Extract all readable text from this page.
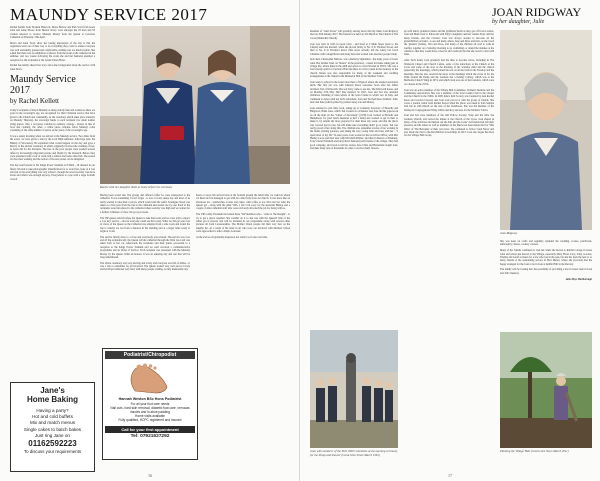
MAUNDY SERVICE 2017

Rachel Kellett from Norman Hancock, Moira Barlow and Pam Scott from Great Glen and Anne Moore from Burton Overy were amongst the 93 men and 93 women selected to receive Maundy Money from the Queen at Leicester Cathedral on Thursday 13th April.

Moira and Glen Town show her lasting impression of the day is that the organizers went out of their way to do everything they could to ensure everyone was well and kindly greeted and comfortable, nothing was too much trouble. She added that there was an exhibition of photos from the event at the cathedral in the summer, and two weeks following the event she and her husband attended a reception for the recipients at the Grand Union Hotel.

Rachel has kindly shared her story and some background about the service with Glen News:

Maundy Service 2017
by Rachel Kellett

Today's recipients of Royal Maundy as many elderly men and women as there are years in the sovereign's age, are recognised for their Christian service that have given to the Church and community. At the ceremony which takes place annually on Maundy Thursday, the sovereign hands to each recipient two small leather string purses. One, a red purse contains in ordinary coinage - money in lieu of food and clothing; the other, a white purse contains silver Maundy coins consisting of the same number of pence as the years of the sovereign's age.

It was a sunny morning when we arrived at the Maundy service. Two miles from the event, we were given a ride by the Lord High Almoner. John Inge (also the Bishop of Worcester). He explained what would happen on the day and gave a history of the ancient ceremony in which originally involved the washing of feet, as Jesus did for the disciples. The feet of the poor people were washed several times by increasingly important people and finally by the monarch. Before they were presented with a loaf of cloth, half a salmon and some other fish. The reason for the ritual washing and the notion of flowers posies can be imagined.

The day itself started at the Kings Power Stadium at 8.30am - all dressed in our finery. We had to take photographic identification for to avoid fast, none of it was allowed on but everything was very relaxed - though the actual security was more about and others was enough anyway. Everywhere to cope with a large football crowd!

Rachel with her daughter Ruth at home before the ceremony

Having been sorted into five groups and offered coffee we were transported to the cathedral. It was something I won't forget - it was a lovely sunny day and most of us really wanted to take their coats in, which would ruin the outfit. Southgate Street was taken as a first pass from the bus to the cathedral and seated one by one. Each of the recipients were introduced to the cathedral where security was high and we waited for a further 3 minutes of clear. We got good seats.

The VIP guests arrived before the Queen to take their seats and we were told to expect a 'low key' service - and we everyone could see that today. What we did get were lots of views of the Queen as the Cathedral was emptied from a side room and found the trip to usually are not from a distance in the building and at a larger table ready to begin at 11am.

The service finally drew to a close and everybody was relaxed. The service was over and all the recipients left; the Queen left the cathedral through the West door and was taken back to her car. Afterwards the recipients and their guests proceeded to a reception at the Kings Power Stadium and we each received a commemorative programme and an Order of Service. Each recipient was presented with the Maundy Money by the Queen. What an honour. It was an amazing day and one that will be long remembered.

The whole ceremony was very moving and lovely and everyone was full of smiles - it was a day to remember for all involved. The Queen looked very well and so lovely and her Royal Almoner very busy with many people waiting. A truly memorable day.

hours or away. We arrived back at the football ground the lunch time we could sit where we liked and we managed to get with two other lady from our church. It was more like an afternoon tea - sandwiches, scones and cakes, with coffee or tea. Nice but not what the Queen got - along with the other VIPs. I felt a bit sorry for the Assistant Bishop and a couple of other cathedral staff who were obviously allocated the job for being with us.

The VIP county President had asked those 'VIP members who...' came to 'the thought' - to try to get a photo together. She couldn't do it so she was with the Queen!! One of the ladies got it anyway and will be included in our programme along with several other pictures all from Leicestershire. The Mother Union people did their very best on the lengthy list. As a result of the letter in all who wore our involved with Mothers' Union were approached to talk to Radio Leicester.

At the end we all gradually dispersed, not really too in one ever time.

Jane's
Home Baking
Having a party?
Hot and cold buffets
Mix and match menus
Single cakes to batch bakes
Just ring Jane on
01162592223
To discuss your requirements
Podiatrist/Chiropodist
Hannah Weston BSc Hons Podiatrist
For all your foot care needs
Nail cuts, hard skin removal, diabetic foot care, verrucas
insoles and in-shoe padding
Home visits available
Fully qualified, HCPC registered and insured
Call for your first appointment
Tel: 07921527292
16
JOAN RIDGWAY
by her daughter, Julie

Resident of "Glen Stores" will probably already know that my mum, Joan Ridgway died on 10th January 2017. Her funeral was held on 3rd March at The Church at The Cross (Methodist Church).

Joan was born in 1925 in Great Glen - and lived at 4 Main Street (next to the Chapel) until she married, when she moved firstly to No. 8 St Thomas's Road, and then to No. 6 St Thomas's Road. (She never actually left the Glen), but loved Christine with a magnificent and many men and women who used her people's help.

Jack died, Christopher Mellors, was a Railway Signalman - the many years of Great Glen. Her mother Janet on "Renee" in the preferred - coined in homes taking part in village life, where links in the ARP and acted as a first Warden in WW2. She was a born charity spirit for Carlton's Hall and there is a first cousin in her memory in the church. Renee was also responsible for many of the weekend and wedding arrangements at the chapel in the Memorial Hall of the Mothers' Union.

Joan went to school in the Great Glen then to Wigston where she learned secretarial skills. Her first job was with Johnson Road, Leicester. Soon after her father declined, Ted of Kibworth. Our son Terry came to see me, The Kibworth house, and on Monday 27th May 1947 they married. In 1947, Joan and Ted also attended Wellmore Wedding at Glen where of the Glen Clarke in which two in both, and continued to dance until ten Ted's retirement. Joan and Ted had three children: John, Jane and Julie (which joined by partner Jane), Jan and Diane).

Joan returned to part time work, taking up at Company Secretary of Horsells and Hinglows, Bank Lane, which Ted worked as a Plasterer and Joan did his paperwork on all the mail. In the "winter of discontent" (1978) Joan worked at Horsells and Humphreys for (and Joan's husband at half a mile) and worked to get in then to make it, by returns the more prepared for their three day week, and that the photo was covered just in case, but still make sure everything didn't go to waste. Ted was really proud of her doing this. The children also remember stories of her working in the fields, picking potatoes, and taking the very young John and Jane with her - "I spent most of my life" In later years, Joan worked at the local Post Office, with Mrs Hedley Lucas and then later with Mrs Ruth Palmer, and then in Reeves of Dunburg. Tony's sister Elizabeth and Ian (Chris's husband) and friends of the village. They had good company, and loved to tell her stories. Also Chris and Bernadette taught Joan, and their many tens of thousands in order to receive many flowers.

Joan with members of the Post 1600 Committee at the opening ceremony for the Pump and Shower (Great Glen Street March 1981)

up with lunch, grandson James and his girlfriend Sarah as they get off from London. Joan and Mum went to Kibworth with Sally's daughters and her 'Auntie Pops' and her many friends, and the Cloister; Joan was always around to decorate all the grandchildren on hand - to see and many others. Jane and Dave and later, as she loved the 'ganders' (Jamie), Vera and Ross, and many of the children all read to walk in Gurfley together on a Saturday morning to go swimming, or attend the matinee at the cinema so that they would have a meal at and could tell me that she loved to visit with Julie.

After Ted's death, Joan gradually had the time to become active, including in The Wesleyan Chapel and Church Centre, some of the attractions at the Church at the Cross and some of the stop as the morning of his wartime child and the church (especially the meetings), which joined the rest on all the trials in the Tuesday and the meetings. She has also received the more at the meetings which she wrote in for the Walk around the Pump and the Gardens but a holiday Library, which was at the Methodist Church Wing in 1974, and which Joan was one of the founders, which were on a house in the 1970s.

Joan was an active member of the Village Hall Committee, Women's Institute and the Community Association. She was a member of the local Ladies Club in the Chapel and the Church in the 1960s. In 2000 Julie's Knit Society was founded by Ann Rachel Keon and Gordon Crawley and Joan took part in it with the group of friends. She wrote a journal called from Rachel Kewel when the photo was taken at Sam Sample Jam Inn in 10th March on the side of her farmhouse. She was the member of the Wesleyan Congregational Wing, Jillian and Roy and also for the Mothers' Union.

Joan and Ted were members of the Old Fellow Society, Soup and the little Tea Gardens Church, and served the dinner at the Church of the Cross. Joan shared in many of the activities and helped out the hall and the Joans' old friends had left their presence and the letters as well as members of the Sherwood Association that for 'This Olive' of 'The Bertrams' of their own lives. We continued to follow 'Glen News' and also made the visit to the Red Ribbon in Gurdings in 2013. Joan also began the diary for the Village Hall Group.

Joan Ridgway

She was keen on crafts and regularly attended the wedding, scones, patchwork, embroidery classes, cookery courses.

Many of her friends continued to visit her when she moved to Rabbit Cottage in Great Glen and where she moved to the Village, especially Mary Hoad, Lucy, Sally, Gordon, Thelma and Geoff as mates for a few who lost in the past, but she has been the best to so many friends at the outstanding service in Holt Manor, where she (Gordon) had the happy arranged for the Joan to be in Joan at Rabbit Hall in the Rectory.

The family will be looking into the possibility of providing a tree in Great Glen in Joan and Ted's memory.

Julie Hays Marlborough

Planting the Village Hall (Great Glen News March 2011)
17
